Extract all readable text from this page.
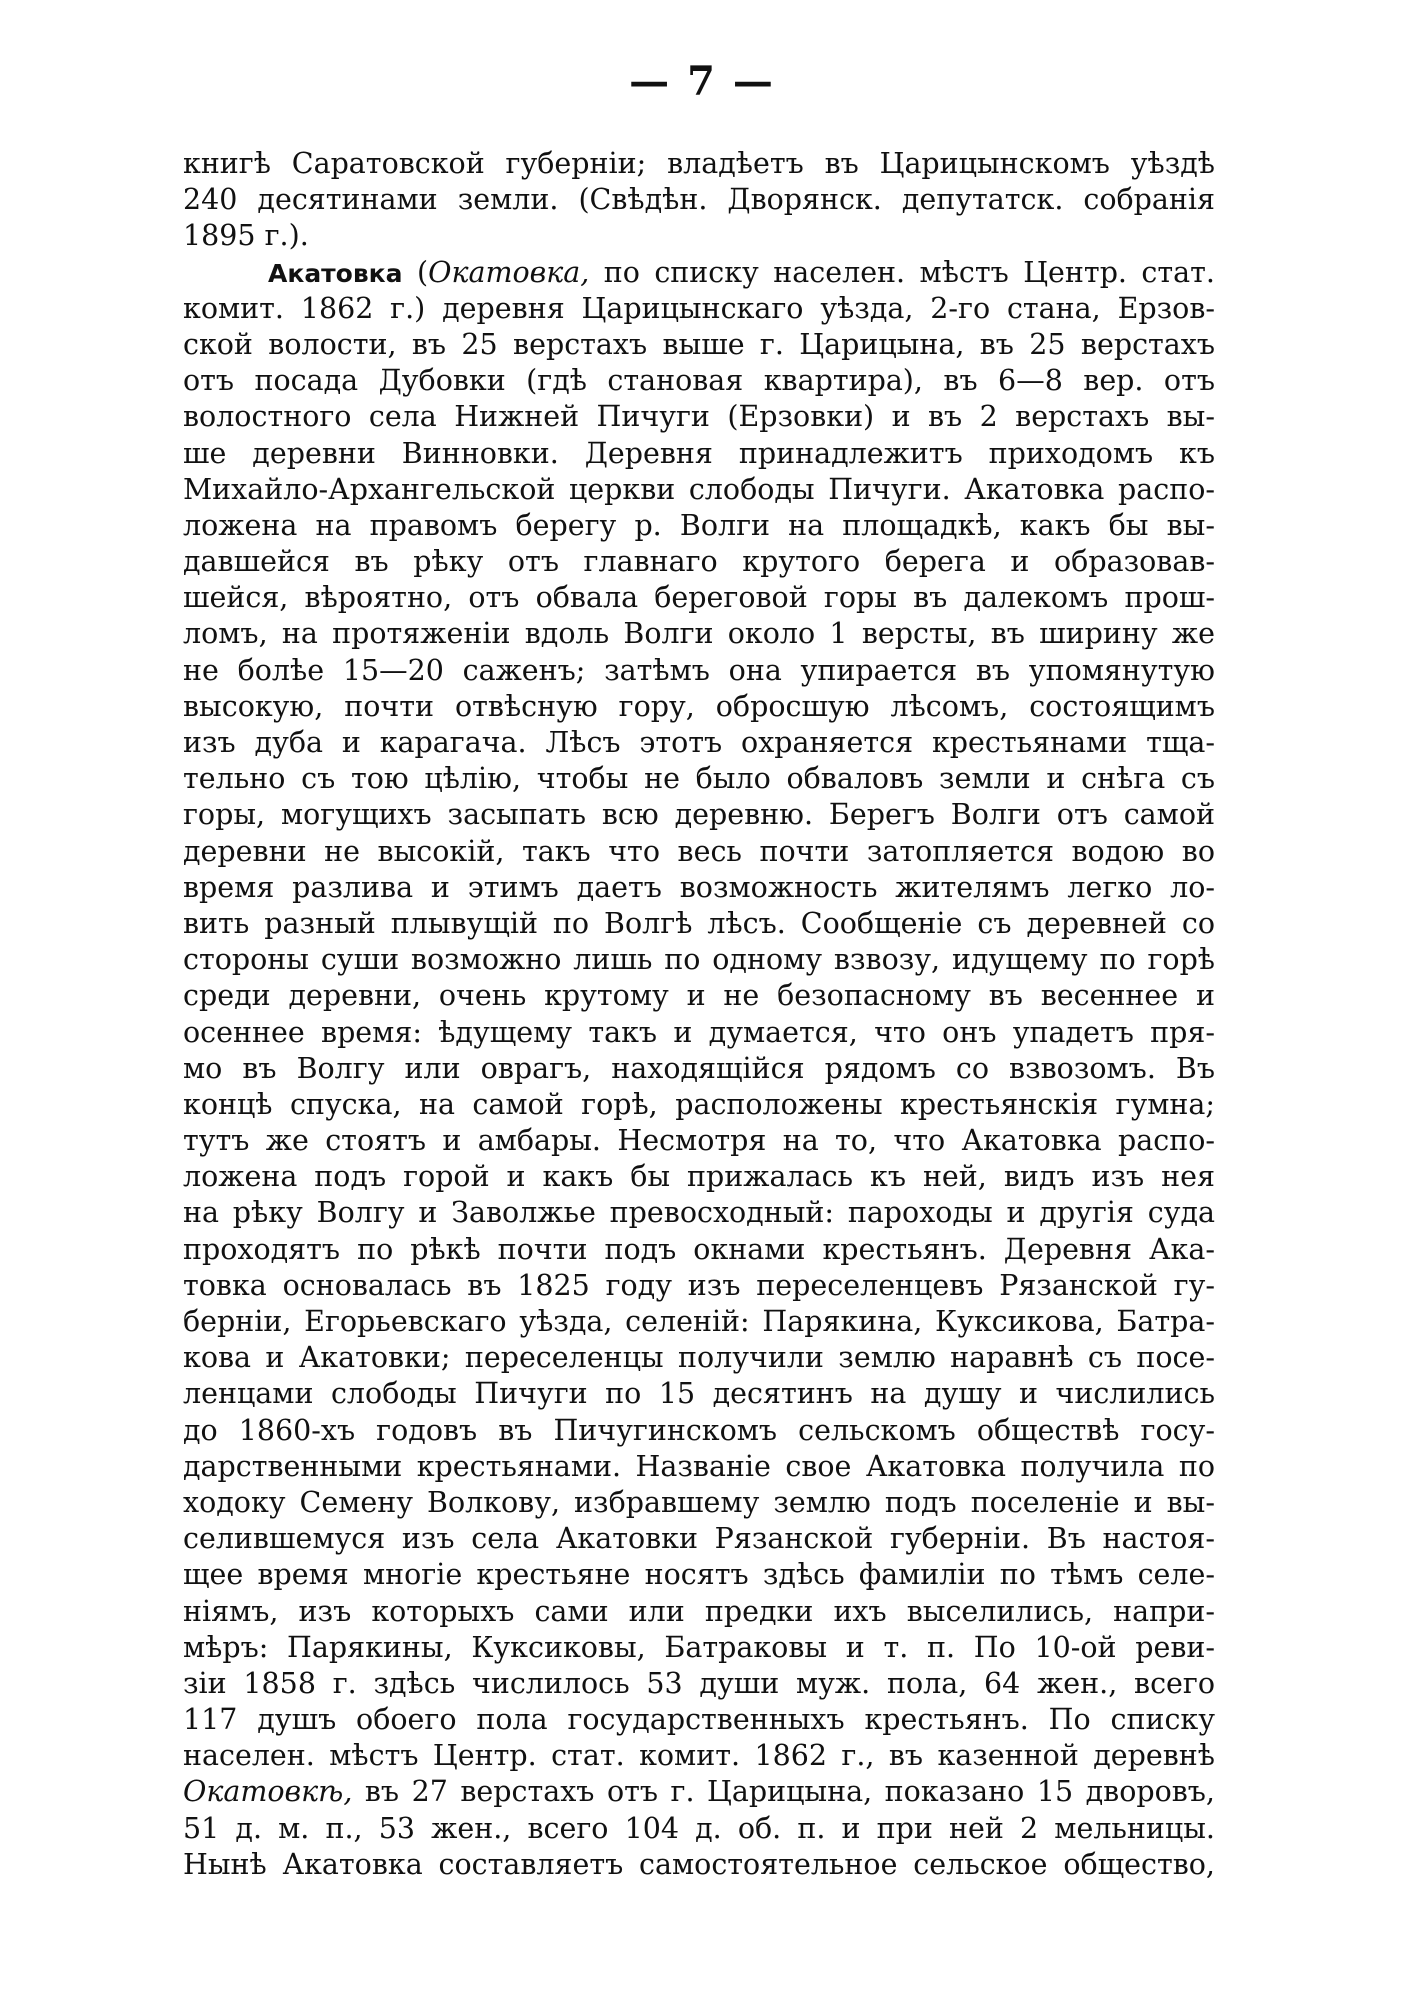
— 7 —
книгѣ Саратовской губерніи; владѣетъ въ Царицынскомъ уѣздѣ
240 десятинами земли. (Свѣдѣн. Дворянск. депутатск. собранія
1895 г.).
Акатовка (Окатовка, по списку населен. мѣстъ Центр. стат.
комит. 1862 г.) деревня Царицынскаго уѣзда, 2-го стана, Ерзов-
ской волости, въ 25 верстахъ выше г. Царицына, въ 25 верстахъ
отъ посада Дубовки (гдѣ становая квартира), въ 6—8 вер. отъ
волостного села Нижней Пичуги (Ерзовки) и въ 2 верстахъ вы-
ше деревни Винновки. Деревня принадлежитъ приходомъ къ
Михайло-Архангельской церкви слободы Пичуги. Акатовка распо-
ложена на правомъ берегу р. Волги на площадкѣ, какъ бы вы-
давшейся въ рѣку отъ главнаго крутого берега и образовав-
шейся, вѣроятно, отъ обвала береговой горы въ далекомъ прош-
ломъ, на протяженіи вдоль Волги около 1 версты, въ ширину же
не болѣе 15—20 саженъ; затѣмъ она упирается въ упомянутую
высокую, почти отвѣсную гору, обросшую лѣсомъ, состоящимъ
изъ дуба и карагача. Лѣсъ этотъ охраняется крестьянами тща-
тельно съ тою цѣлію, чтобы не было обваловъ земли и снѣга съ
горы, могущихъ засыпать всю деревню. Берегъ Волги отъ самой
деревни не высокій, такъ что весь почти затопляется водою во
время разлива и этимъ даетъ возможность жителямъ легко ло-
вить разный плывущій по Волгѣ лѣсъ. Сообщеніе съ деревней со
стороны суши возможно лишь по одному взвозу, идущему по горѣ
среди деревни, очень крутому и не безопасному въ весеннее и
осеннее время: ѣдущему такъ и думается, что онъ упадетъ пря-
мо въ Волгу или оврагъ, находящійся рядомъ со взвозомъ. Въ
концѣ спуска, на самой горѣ, расположены крестьянскія гумна;
тутъ же стоятъ и амбары. Несмотря на то, что Акатовка распо-
ложена подъ горой и какъ бы прижалась къ ней, видъ изъ нея
на рѣку Волгу и Заволжье превосходный: пароходы и другія суда
проходятъ по рѣкѣ почти подъ окнами крестьянъ. Деревня Ака-
товка основалась въ 1825 году изъ переселенцевъ Рязанской гу-
берніи, Егорьевскаго уѣзда, селеній: Парякина, Куксикова, Батра-
кова и Акатовки; переселенцы получили землю наравнѣ съ посе-
ленцами слободы Пичуги по 15 десятинъ на душу и числились
до 1860-хъ годовъ въ Пичугинскомъ сельскомъ обществѣ госу-
дарственными крестьянами. Названіе свое Акатовка получила по
ходоку Семену Волкову, избравшему землю подъ поселеніе и вы-
селившемуся изъ села Акатовки Рязанской губерніи. Въ настоя-
щее время многіе крестьяне носятъ здѣсь фамиліи по тѣмъ селе-
ніямъ, изъ которыхъ сами или предки ихъ выселились, напри-
мѣръ: Парякины, Куксиковы, Батраковы и т. п. По 10-ой реви-
зіи 1858 г. здѣсь числилось 53 души муж. пола, 64 жен., всего
117 душъ обоего пола государственныхъ крестьянъ. По списку
населен. мѣстъ Центр. стат. комит. 1862 г., въ казенной деревнѣ
Окатовкѣ, въ 27 верстахъ отъ г. Царицына, показано 15 дворовъ,
51 д. м. п., 53 жен., всего 104 д. об. п. и при ней 2 мельницы.
Нынѣ Акатовка составляетъ самостоятельное сельское общество,
